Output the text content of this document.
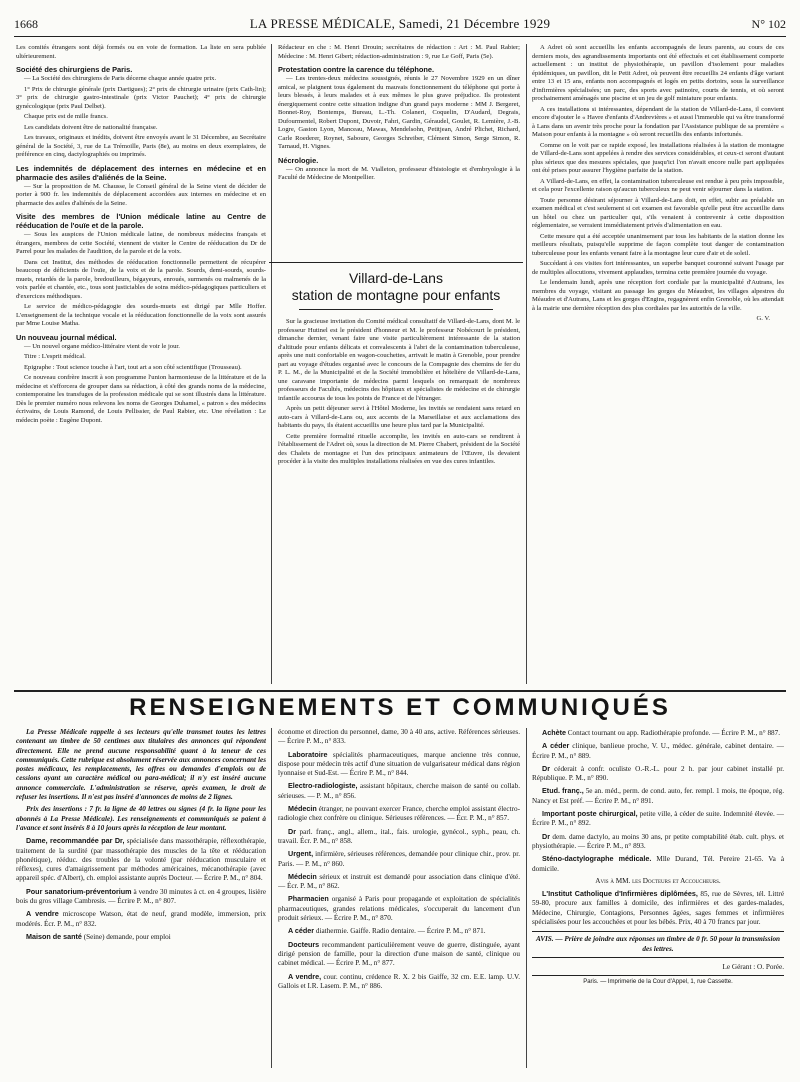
1668	LA PRESSE MÉDICALE, Samedi, 21 Décembre 1929	N° 102

Les comités étrangers sont déjà formés ou en voie de formation. La liste en sera publiée ultérieurement.

Société des chirurgiens de Paris.

— La Société des chirurgiens de Paris décerne chaque année quatre prix.

1° Prix de chirurgie générale (prix Dartigues); 2° prix de chirurgie urinaire (prix Cath-lin); 3° prix de chirurgie gastro-intestinale (prix Victor Pauchet); 4° prix de chirurgie gynécologique (prix Paul Delbet).

Chaque prix est de mille francs.

Les candidats doivent être de nationalité française.

Les travaux, originaux et inédits, doivent être envoyés avant le 31 Décembre, au Secrétaire général de la Société, 3, rue de La Trémoille, Paris (8e), au moins en deux exemplaires, de préférence en cinq, dactylographiés ou imprimés.

Les indemnités de déplacement des internes en médecine et en pharmacie des asiles d'aliénés de la Seine.

— Sur la proposition de M. Chausse, le Conseil général de la Seine vient de décider de porter à 900 fr. les indemnités de déplacement accordées aux internes en médecine et en pharmacie des asiles d'aliénés de la Seine.

Visite des membres de l'Union médicale latine au Centre de rééducation de l'ouïe et de la parole.

— Sous les auspices de l'Union médicale latine, de nombreux médecins français et étrangers, membres de cette Société, viennent de visiter le Centre de rééducation du Dr de Parrel pour les malades de l'audition, de la parole et de la voix.

Dans cet Institut, des méthodes de rééducation fonctionnelle permettent de récupérer beaucoup de déficients de l'ouïe, de la voix et de la parole. Sourds, demi-sourds, sourds-muets, retardés de la parole, bredouilleurs, bégayeurs, enroués, surmenés ou malmenés de la voix parlée et chantée, etc., tous sont justiciables de soins médico-pédagogiques particuliers et d'exercices méthodiques.

Le service de médico-pédagogie des sourds-muets est dirigé par Mlle Hoffer. L'enseignement de la technique vocale et la rééducation fonctionnelle de la voix sont assurés par Mme Louise Matha.

Un nouveau journal médical.

— Un nouvel organe médico-littéraire vient de voir le jour.

Titre : L'esprit médical.

Epigraphe : Tout science touche à l'art, tout art a son côté scientifique (Trousseau).

Ce nouveau confrère inscrit à son programme l'union harmonieuse de la littérature et de la médecine et s'efforcera de grouper dans sa rédaction, à côté des grands noms de la médecine, contemporaine les transfuges de la profession médicale qui se sont illustrés dans la littérature. Dès le premier numéro nous relevons les noms de Georges Duhamel, « patron » des médecins écrivains, de Louis Ramond, de Louis Pellissier, de Paul Rabier, etc. Une révélation : Le médecin poète : Eugène Dupont.

Rédacteur en che : M. Henri Drouin; secrétaires de rédaction : Art : M. Paul Rabier; Médecine : M. Henri Gibert; rédaction-administration : 9, rue Le Goff, Paris (5e).

Protestation contre la carence du téléphone.

— Les trentes-deux médecins soussignés, réunis le 27 Novembre 1929 en un dîner amical, se plaignent tous également du mauvais fonctionnement du téléphone qui porte à leurs blessés, à leurs malades et à eux mêmes le plus grave préjudice. Ils protestent énergiquement contre cette situation indigne d'un grand pays moderne : MM J. Bergeret, Bonnet-Roy, Bontemps, Bureau, L.-Th. Colaneri, Coquelin, D'Audard, Degrais, Dufourmentel, Robert Dupont, Duvoir, Fahri, Gardin, Géraudel, Goulet, R. Lemière, J.-B. Logre, Gaston Lyon, Manceau, Mawas, Mendelsohn, Petitjean, André Plichet, Richard, Carle Roederer, Roynet, Saboure, Georges Schreiber, Clément Simon, Serge Simon, R. Tarnaud, H. Vignes.

Nécrologie.

— On annonce la mort de M. Vialleton, professeur d'histologie et d'embryologie à la Faculté de Médecine de Montpellier.

Villard-de-Lans
station de montagne pour enfants

Sur la gracieuse invitation du Comité médical consultatif de Villard-de-Lans, dont M. le professeur Hutinel est le président d'honneur et M. le professeur Nobécourt le président, dimanche dernier, venant faire une visite particulièrement intéressante de la station d'altitude pour enfants délicats et convalescents à l'abri de la contamination tuberculeuse, après une nuit confortable en wagon-couchettes, arrivait le matin à Grenoble, pour prendre part au voyage d'études organisé avec le concours de la Compagnie des chemins de fer du P. L. M., de la Municipalité et de la Société immobilière et hôtelière de Villard-de-Lans, une caravane importante de médecins parmi lesquels on remarquait de nombreux professeurs de Facultés, médecins des hôpitaux et spécialistes de médecine et de chirurgie infantile accourus de tous les points de France et de l'étranger.

Après un petit déjeuner servi à l'Hôtel Moderne, les invités se rendaient sans retard en auto-cars à Villard-de-Lans ou, aux accents de la Marseillaise et aux acclamations des habitants du pays, ils étaient accueillis une heure plus tard par la Municipalité.

Cette première formalité rituelle accomplie, les invités en auto-cars se rendirent à l'établissement de l'Adret où, sous la direction de M. Pierre Chabert, président de la Société des Chalets de montagne et l'un des principaux animateurs de l'Œuvre, ils devaient procéder à la visite des multiples installations réalisées en vue des cures infantiles.

A Adret où sont accueillis les enfants accompagnés de leurs parents, au cours de ces derniers mois, des agrandissements importants ont été effectués et cet établissement comporte actuellement : un institut de physiothérapie, un pavillon d'isolement pour maladies épidémiques, un pavillon, dit le Petit Adret, où peuvent être recueillis 24 enfants d'âge variant entre 13 et 15 ans, enfants non accompagnés et logés en petits dortoirs, sous la surveillance d'infirmières spécialisées; un parc, des sports avec patinoire, courts de tennis, et où seront prochainement aménagés une piscine et un jeu de golf miniature pour enfants.

A ces installations si intéressantes, dépendant de la station de Villard-de-Lans, il convient encore d'ajouter le « Havre d'enfants d'Andrevières » et aussi l'immeuble qui va être transformé à Lans dans un avenir très proche pour la fondation par l'Assistance publique de sa première « Maison pour enfants à la montagne » où seront recueillis des enfants infortunés.

Comme on le voit par ce rapide exposé, les installations réalisées à la station de montagne de Villard-de-Lans sont appelées à rendre des services considérables, et ceux-ci seront d'autant plus sérieux que des mesures spéciales, que jusqu'ici l'on n'avait encore nulle part appliquées ont été prises pour assurer l'hygiène parfaite de la station.

A Villard-de-Lans, en effet, la contamination tuberculeuse est rendue à peu près impossible, et cela pour l'excellente raison qu'aucun tuberculeux ne peut venir séjourner dans la station.

Toute personne désirant séjourner à Villard-de-Lans doit, en effet, subir au préalable un examen médical et c'est seulement si cet examen est favorable qu'elle peut être accueillie dans un hôtel ou chez un particulier qui, s'ils venaient à contrevenir à cette disposition réglementaire, se verraient immédiatement privés d'alimentation en eau.

Cette mesure qui a été acceptée unanimement par tous les habitants de la station donne les meilleurs résultats, puisqu'elle supprime de façon complète tout danger de contamination tuberculeuse pour les enfants venant faire à la montagne leur cure d'air et de soleil.

Succédant à ces visites fort intéressantes, un superbe banquet couronné suivant l'usage par de multiples allocutions, vivement applaudies, termina cette première journée du voyage.

Le lendemain lundi, après une réception fort cordiale par la municipalité d'Autrans, les membres du voyage, visitant au passage les gorges du Méaudret, les villages alpestres du Méaudre et d'Autrans, Lans et les gorges d'Engins, regagnèrent enfin Grenoble, où les attendait à la mairie une dernière réception des plus cordiales par les autorités de la ville.

G. V.

RENSEIGNEMENTS ET COMMUNIQUÉS

La Presse Médicale rappelle à ses lecteurs qu'elle transmet toutes les lettres contenant un timbre de 50 centimes aux titulaires des annonces qui répondent directement. Elle ne prend aucune responsabilité quant à la teneur de ces communiqués. Cette rubrique est absolument réservée aux annonces concernant les postes médicaux, les remplacements, les offres ou demandes d'emplois ou de cessions ayant un caractère médical ou para-médical; il n'y est inséré aucune annonce commerciale. L'administration se réserve, après examen, le droit de refuser les insertions. Il n'est pas inséré d'annonces de moins de 2 lignes.

Prix des insertions : 7 fr. la ligne de 40 lettres ou signes (4 fr. la ligne pour les abonnés à La Presse Médicale). Les renseignements et communiqués se paient à l'avance et sont insérés 8 à 10 jours après la réception de leur montant.

Dame, recommandée par Dr, spécialisée dans massothérapie, réflexothérapie, traitement de la surdité (par massothérapie des muscles de la tête et rééducation phonétique), rééduc. des troubles de la volonté (par rééducation musculaire et réflexes), cures d'amaigrissement par méthodes américaines, mécanothérapie (avec appareil spéc. d'Albert), ch. emploi assistante auprès Docteur. — Écrire P. M., n° 804.

Pour sanatorium-préventorium à vendre 30 minutes à ct. en 4 groupes, lisière bois du gros village Cambresis. — Écrire P. M., n° 807.

A vendre microscope Watson, état de neuf, grand modèle, immersion, prix modérés. Écr. P. M., n° 832.

Maison de santé (Seine) demande, pour emploi

économe et direction du personnel, dame, 30 à 40 ans, active. Références sérieuses. — Écrire P. M., n° 833.

Laboratoire spécialités pharmaceutiques, marque ancienne très connue, dispose pour médecin très actif d'une situation de vulgarisateur médical dans région lyonnaise et Sud-Est. — Écrire P. M., n° 844.

Electro-radiologiste, assistant hôpitaux, cherche maison de santé ou collab. sérieuses. — P. M., n° 856.

Médecin étranger, ne pouvant exercer France, cherche emploi assistant électro-radiologie chez confrère ou clinique. Sérieuses références. — Écr. P. M., n° 857.

Dr parl. franç., angl., allem., ital., fais. urologie, gynécol., syph., peau, ch. travail. Écr. P. M., n° 858.

Urgent, infirmière, sérieuses références, demandée pour clinique chir., prov. pr. Paris. — P. M., n° 860.

Médecin sérieux et instruit est demandé pour association dans clinique d'été. — Écr. P. M., n° 862.

Pharmacien organisé à Paris pour propagande et exploitation de spécialités pharmaceutiques, grandes relations médicales, s'occuperait du lancement d'un produit sérieux. — Écrire P. M., n° 870.

A céder diathermie. Gaiffe. Radio dentaire. — Écrire P. M., n° 871.

Docteurs recommandent particulièrement veuve de guerre, distinguée, ayant dirigé pension de famille, pour la direction d'une maison de santé, clinique ou cabinet médical. — Écrire P. M., n° 877.

A vendre, cour. continu, crédence R. X. 2 bis Gaiffe, 32 cm. E.E. lamp. U.V. Gallois et I.R. Lasem. P. M., n° 886.

Achète Contact tournant ou app. Radiothérapie profonde. — Écrire P. M., n° 887.

A céder clinique, banlieue proche, V. U., médec. générale, cabinet dentaire. — Écrire P. M., n° 889.

Dr céderait à confr. oculiste O.-R.-L. pour 2 h. par jour cabinet installé pr. République. P. M., n° 890.

Etud. franç., 5e an. méd., perm. de cond. auto, fer. rempl. 1 mois, tte époque, rég. Nancy et Est préf. — Écrire P. M., n° 891.

Important poste chirurgical, petite ville, à céder de suite. Indemnité élevée. — Écrire P. M., n° 892.

Dr dem. dame dactylo, au moins 30 ans, pr petite comptabilité étab. cult. phys. et physiothérapie. — Écrire P. M., n° 893.

Sténo-dactylographe médicale. Mlle Durand, Tél. Pereire 21-65. Va à domicile.

Avis à MM. les Docteurs et Accoucheurs.

L'Institut Catholique d'Infirmières diplômées, 85, rue de Sèvres, tél. Littré 59-80, procure aux familles à domicile, des infirmières et des gardes-malades, Médecine, Chirurgie, Contagions, Personnes âgées, sages femmes et infirmières spécialisées pour les accouchées et pour les bébés. Prix, 40 à 70 francs par jour.

AVIS. — Prière de joindre aux réponses un timbre de 0 fr. 50 pour la transmission des lettres.
Le Gérant : O. Porée.
Paris. — Imprimerie de la Cour d'Appel, 1, rue Cassette.
